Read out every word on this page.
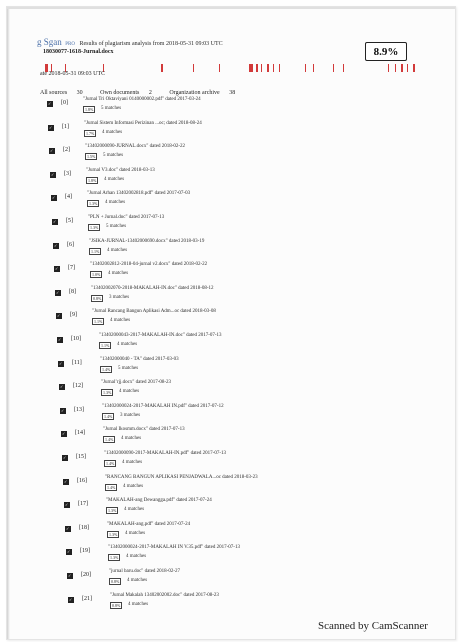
g Sgan PRO Results of plagiarism analysis from 2018-05-31 09:03 UTC
18030077-1618-Jurnal.docx	8.9%
ate 2018-05-31 09:03 UTC
All sources 30	Own documents 2	Organization archive 38
✓ [0]
"Jurnal Tri Oktaviyani 0140000002.pdf" dated 2017-03-24
1.8%	5 matches
✓ [1]
"Jurnal Sistem Informasi Perizinan ...oc; dated 2018-08-24
1.7%	4 matches
✓ [2]
"13402000090-JURNAL.docx" dated 2018-02-22
1.5%	5 matches
✓ [3]
"Jurnal V3.doc" dated 2018-03-13
1.8%	4 matches
✓ [4]
"Jurnal Arhan 13402002818.pdf" dated 2017-07-03
1.3%	4 matches
✓ [5]
"PLN + Jurnal.doc" dated 2017-07-13
1.3%	5 matches
✓ [6]
"JSIKA-JURNAL-13402000690.docx" dated 2018-03-19
1.1%	4 matches
✓ [7]
"13402002812-2018-04-jurnal v2.docx" dated 2018-02-22
1.0%	4 matches
✓ [8]
"13402002070-2018-MAKALAH-IN.doc" dated 2018-08-12
0.8%	3 matches
✓ [9]
"Jurnal Rancang Bangun Aplikasi Adm...oc dated 2018-03-08
1.1%	4 matches
✓ [10]
"13402000043-2017-MAKALAH-IN.doc" dated 2017-07-13
1.1%	4 matches
✓ [11]
"13402000040 - TA" dated 2017-03-03
1.4%	5 matches
✓ [12]
"Jurnal’rjj.docx" dated 2017-08-23
1.3%	4 matches
✓ [13]
"13402000024-2017-MAKALAH IN.pdf" dated 2017-07-12
1.4%	3 matches
✓ [14]
"Jurnal Ikosmm.docx" dated 2017-07-13
1.4%	4 matches
✓ [15]
"13402000090-2017-MAKALAH-IN.pdf" dated 2017-07-13
1.4%	4 matches
✓ [16]
"RANCANG BANGUN APLIKASI PENJADWALA...oc dated 2018-03-23
1.4%	4 matches
✓ [17]
"MAKALAH-ang Dewangga.pdf" dated 2017-07-24
1.3%	4 matches
✓ [18]
"MAKALAH-ang.pdf" dated 2017-07-24
1.3%	4 matches
✓ [19]
"13402000024-2017-MAKALAH IN V.35.pdf" dated 2017-07-13
1.3%	4 matches
✓ [20]
"jurnal baru.doc" dated 2018-02-27
0.8%	4 matches
✓ [21]
"Jurnal Makalah 13402002002.doc" dated 2017-08-23
0.8%	4 matches
Scanned by CamScanner
